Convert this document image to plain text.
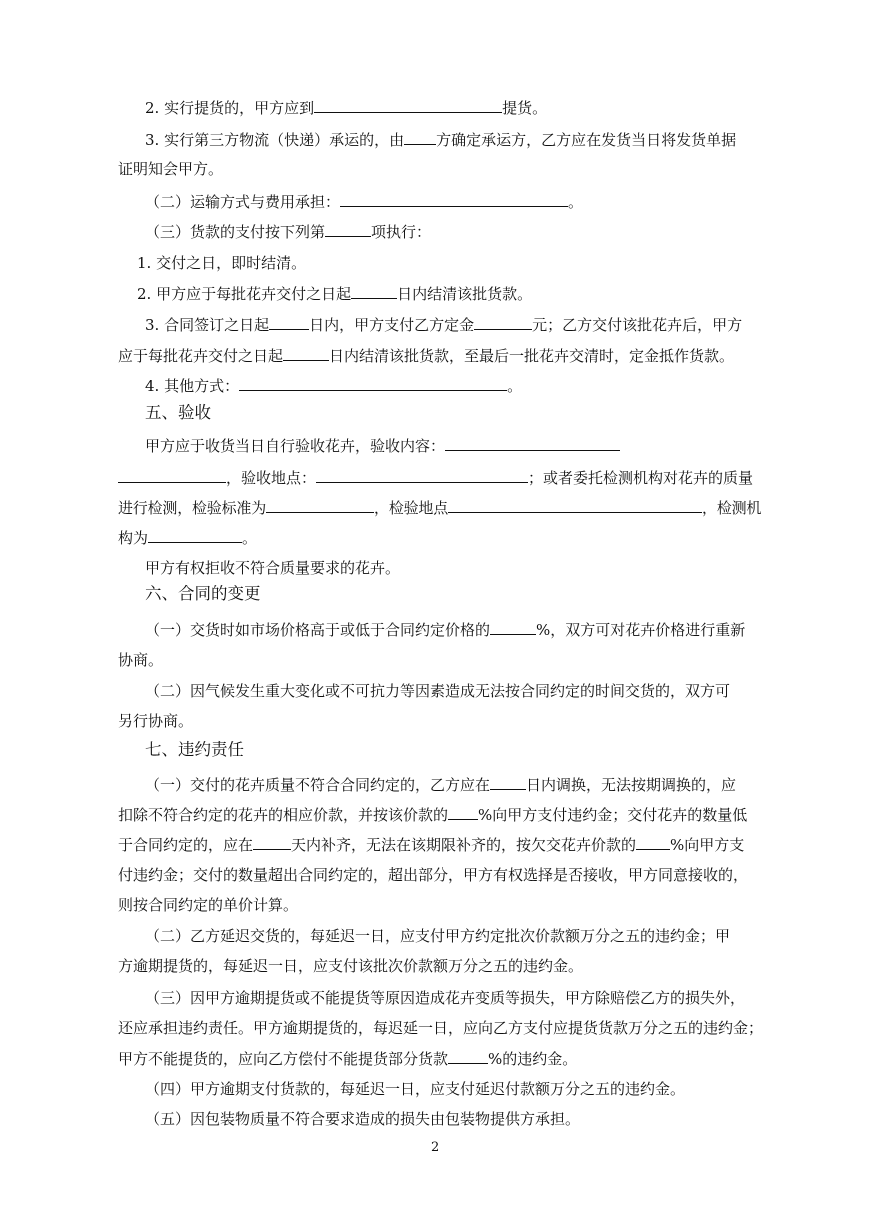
2. 实行提货的，甲方应到	提货。
3. 实行第三方物流（快递）承运的，由 方确定承运方，乙方应在发货当日将发货单据
证明知会甲方。
（二）运输方式与费用承担：	。
（三）货款的支付按下列第	项执行：
1. 交付之日，即时结清。
2. 甲方应于每批花卉交付之日起	日内结清该批货款。
3. 合同签订之日起	日内，甲方支付乙方定金	元；乙方交付该批花卉后，甲方
应于每批花卉交付之日起	日内结清该批货款，至最后一批花卉交清时，定金抵作货款。
4. 其他方式：	。
五、验收
甲方应于收货当日自行验收花卉，验收内容：
，验收地点：	；或者委托检测机构对花卉的质量
进行检测，检验标准为	，检验地点	，检测机
构为	。
甲方有权拒收不符合质量要求的花卉。
六、合同的变更
（一）交货时如市场价格高于或低于合同约定价格的	%，双方可对花卉价格进行重新
协商。
（二）因气候发生重大变化或不可抗力等因素造成无法按合同约定的时间交货的，双方可
另行协商。
七、违约责任
（一）交付的花卉质量不符合合同约定的，乙方应在 日内调换，无法按期调换的，应
扣除不符合约定的花卉的相应价款，并按该价款的 %向甲方支付违约金；交付花卉的数量低
于合同约定的，应在	天内补齐，无法在该期限补齐的，按欠交花卉价款的 %向甲方支
付违约金；交付的数量超出合同约定的，超出部分，甲方有权选择是否接收，甲方同意接收的，
则按合同约定的单价计算。
（二）乙方延迟交货的，每延迟一日，应支付甲方约定批次价款额万分之五的违约金；甲
方逾期提货的，每延迟一日，应支付该批次价款额万分之五的违约金。
（三）因甲方逾期提货或不能提货等原因造成花卉变质等损失，甲方除赔偿乙方的损失外，
还应承担违约责任。甲方逾期提货的，每迟延一日，应向乙方支付应提货货款万分之五的违约金；
甲方不能提货的，应向乙方偿付不能提货部分货款	%的违约金。
（四）甲方逾期支付货款的，每延迟一日，应支付延迟付款额万分之五的违约金。
（五）因包装物质量不符合要求造成的损失由包装物提供方承担。
2
